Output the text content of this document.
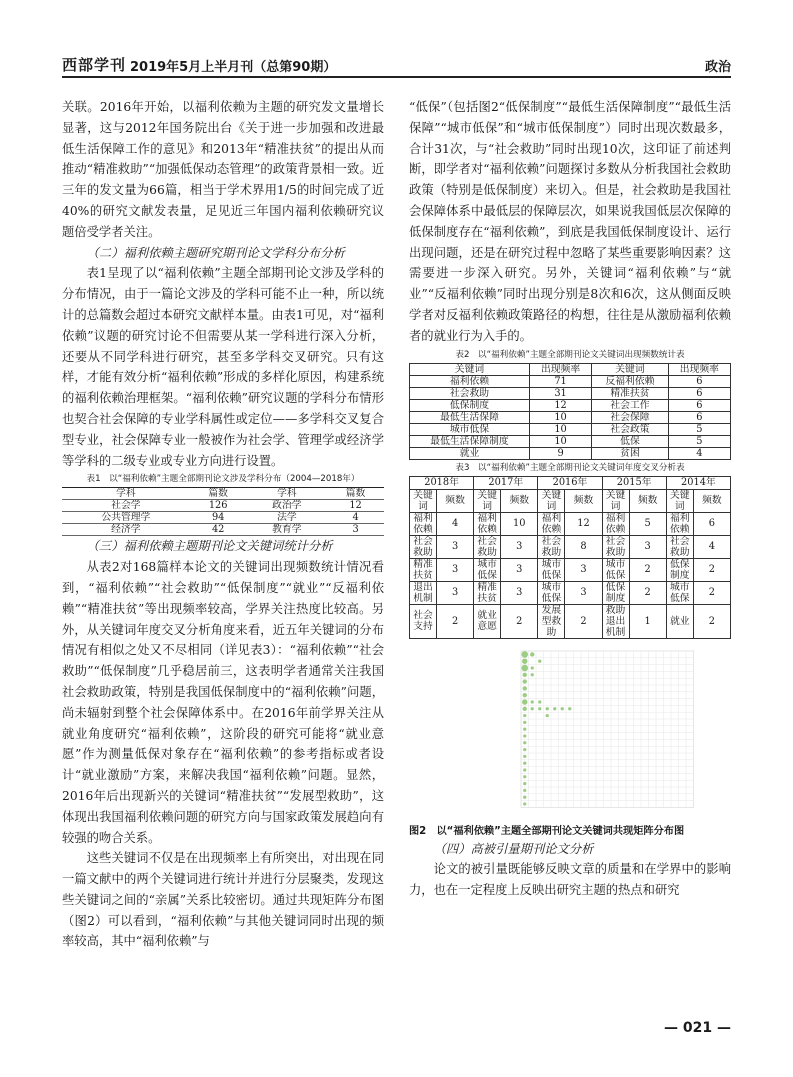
西部学刊 2019年5月上半月刊（总第90期）	政治

关联。2016年开始，以福利依赖为主题的研究发文量增长显著，这与2012年国务院出台《关于进一步加强和改进最低生活保障工作的意见》和2013年“精准扶贫”的提出从而推动“精准救助”“加强低保动态管理”的政策背景相一致。近三年的发文量为66篇，相当于学术界用1/5的时间完成了近40%的研究文献发表量，足见近三年国内福利依赖研究议题倍受学者关注。

（二）福利依赖主题研究期刊论文学科分布分析

表1呈现了以“福利依赖”主题全部期刊论文涉及学科的分布情况，由于一篇论文涉及的学科可能不止一种，所以统计的总篇数会超过本研究文献样本量。由表1可见，对“福利依赖”议题的研究讨论不但需要从某一学科进行深入分析，还要从不同学科进行研究，甚至多学科交叉研究。只有这样，才能有效分析“福利依赖”形成的多样化原因，构建系统的福利依赖治理框架。“福利依赖”研究议题的学科分布情形也契合社会保障的专业学科属性或定位——多学科交叉复合型专业，社会保障专业一般被作为社会学、管理学或经济学等学科的二级专业或专业方向进行设置。

表1　以“福利依赖”主题全部期刊论文涉及学科分布（2004—2018年）
学科	篇数	学科	篇数
社会学	126	政治学	12
公共管理学	94	法学	4
经济学	42	教育学	3
（三）福利依赖主题期刊论文关键词统计分析

从表2对168篇样本论文的关键词出现频数统计情况看到，“福利依赖”“社会救助”“低保制度”“就业”“反福利依赖”“精准扶贫”等出现频率较高，学界关注热度比较高。另外，从关键词年度交叉分析角度来看，近五年关键词的分布情况有相似之处又不尽相同（详见表3）：“福利依赖”“社会救助”“低保制度”几乎稳居前三，这表明学者通常关注我国社会救助政策，特别是我国低保制度中的“福利依赖”问题，尚未辐射到整个社会保障体系中。在2016年前学界关注从就业角度研究“福利依赖”，这阶段的研究可能将“就业意愿”作为测量低保对象存在“福利依赖”的参考指标或者设计“就业激励”方案，来解决我国“福利依赖”问题。显然，2016年后出现新兴的关键词“精准扶贫”“发展型救助”，这体现出我国福利依赖问题的研究方向与国家政策发展趋向有较强的吻合关系。

这些关键词不仅是在出现频率上有所突出，对出现在同一篇文献中的两个关键词进行统计并进行分层聚类，发现这些关键词之间的“亲属”关系比较密切。通过共现矩阵分布图（图2）可以看到，“福利依赖”与其他关键词同时出现的频率较高，其中“福利依赖”与

“低保”（包括图2“低保制度”“最低生活保障制度”“最低生活保障”“城市低保”和“城市低保制度”）同时出现次数最多，合计31次，与“社会救助”同时出现10次，这印证了前述判断，即学者对“福利依赖”问题探讨多数从分析我国社会救助政策（特别是低保制度）来切入。但是，社会救助是我国社会保障体系中最低层的保障层次，如果说我国低层次保障的低保制度存在“福利依赖”，到底是我国低保制度设计、运行出现问题，还是在研究过程中忽略了某些重要影响因素？这需要进一步深入研究。另外，关键词“福利依赖”与“就业”“反福利依赖”同时出现分别是8次和6次，这从侧面反映学者对反福利依赖政策路径的构想，往往是从激励福利依赖者的就业行为入手的。

表2　以“福利依赖”主题全部期刊论文关键词出现频数统计表
关键词	出现频率	关键词	出现频率
福利依赖	71	反福利依赖	6
社会救助	31	精准扶贫	6
低保制度	12	社会工作	6
最低生活保障	10	社会保障	6
城市低保	10	社会政策	5
最低生活保障制度	10	低保	5
就业	9	贫困	4
表3　以“福利依赖”主题全部期刊论文关键词年度交叉分析表
2018年		2017年		2016年		2015年		2014年	
关键词	频数	关键词	频数	关键词	频数	关键词	频数	关键词	频数
福利依赖	4	福利依赖	10	福利依赖	12	福利依赖	5	福利依赖	6
社会救助	3	社会救助	3	社会救助	8	社会救助	3	社会救助	4
精准扶贫	3	城市低保	3	城市低保	3	城市低保	2	低保制度	2
退出机制	3	精准扶贫	3	城市低保	3	低保制度	2	城市低保	2
社会支持	2	就业意愿	2	发展型救助	2	救助退出机制	1	就业	2
图2　以“福利依赖”主题全部期刊论文关键词共现矩阵分布图
（四）高被引量期刊论文分析

论文的被引量既能够反映文章的质量和在学界中的影响力，也在一定程度上反映出研究主题的热点和研究

— 021 —
